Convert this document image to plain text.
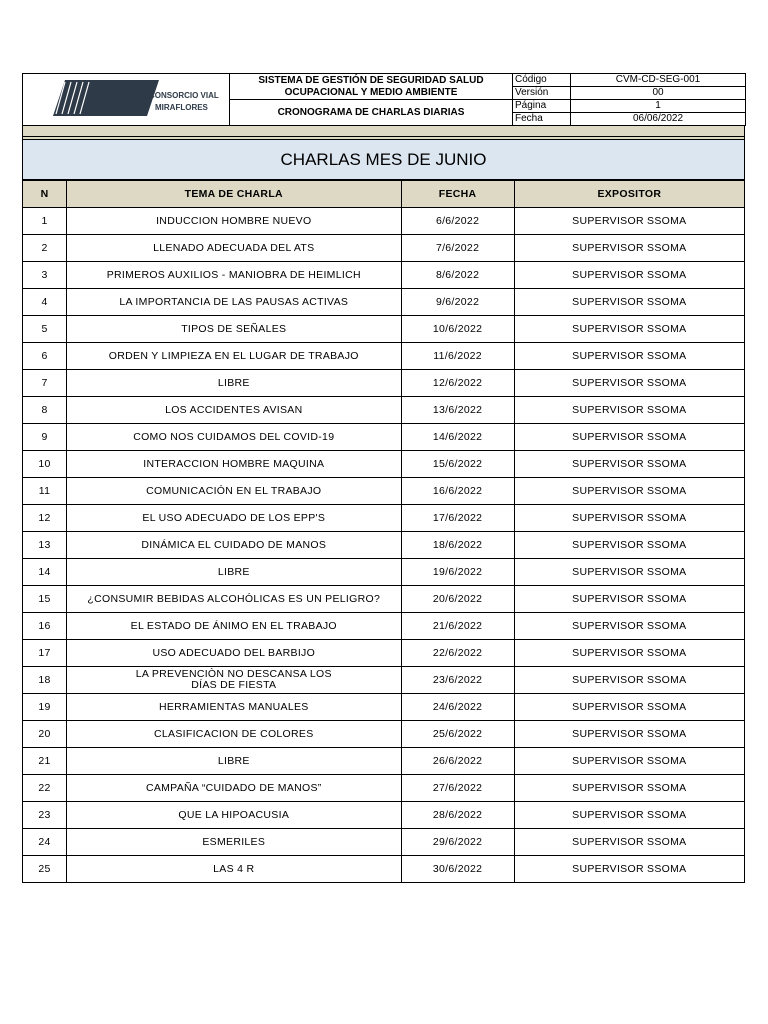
CONSORCIO VIAL
MIRAFLORES	SISTEMA DE GESTIÓN DE SEGURIDAD SALUD OCUPACIONAL Y MEDIO AMBIENTE	Código	CVM-CD-SEG-001
		Versión	00
	CRONOGRAMA DE CHARLAS DIARIAS	Página	1
		Fecha	06/06/2022
CHARLAS MES DE JUNIO
N	TEMA DE CHARLA	FECHA	EXPOSITOR
1	INDUCCION HOMBRE NUEVO	6/6/2022	SUPERVISOR SSOMA
2	LLENADO ADECUADA DEL ATS	7/6/2022	SUPERVISOR SSOMA
3	PRIMEROS AUXILIOS - MANIOBRA DE HEIMLICH	8/6/2022	SUPERVISOR SSOMA
4	LA IMPORTANCIA DE LAS PAUSAS ACTIVAS	9/6/2022	SUPERVISOR SSOMA
5	TIPOS DE SEÑALES	10/6/2022	SUPERVISOR SSOMA
6	ORDEN Y LIMPIEZA EN EL LUGAR DE TRABAJO	11/6/2022	SUPERVISOR SSOMA
7	LIBRE	12/6/2022	SUPERVISOR SSOMA
8	LOS ACCIDENTES AVISAN	13/6/2022	SUPERVISOR SSOMA
9	COMO NOS CUIDAMOS DEL COVID-19	14/6/2022	SUPERVISOR SSOMA
10	INTERACCION HOMBRE MAQUINA	15/6/2022	SUPERVISOR SSOMA
11	COMUNICACIÓN EN EL TRABAJO	16/6/2022	SUPERVISOR SSOMA
12	EL USO ADECUADO DE LOS EPP'S	17/6/2022	SUPERVISOR SSOMA
13	DINÁMICA EL CUIDADO DE MANOS	18/6/2022	SUPERVISOR SSOMA
14	LIBRE	19/6/2022	SUPERVISOR SSOMA
15	¿CONSUMIR BEBIDAS ALCOHÓLICAS ES UN PELIGRO?	20/6/2022	SUPERVISOR SSOMA
16	EL ESTADO DE ÁNIMO EN EL TRABAJO	21/6/2022	SUPERVISOR SSOMA
17	USO ADECUADO DEL BARBIJO	22/6/2022	SUPERVISOR SSOMA
18	LA PREVENCIÒN NO DESCANSA LOS
DÍAS DE FIESTA	23/6/2022	SUPERVISOR SSOMA
19	HERRAMIENTAS MANUALES	24/6/2022	SUPERVISOR SSOMA
20	CLASIFICACION DE COLORES	25/6/2022	SUPERVISOR SSOMA
21	LIBRE	26/6/2022	SUPERVISOR SSOMA
22	CAMPAÑA “CUIDADO DE MANOS”	27/6/2022	SUPERVISOR SSOMA
23	QUE LA HIPOACUSIA	28/6/2022	SUPERVISOR SSOMA
24	ESMERILES	29/6/2022	SUPERVISOR SSOMA
25	LAS 4 R	30/6/2022	SUPERVISOR SSOMA
